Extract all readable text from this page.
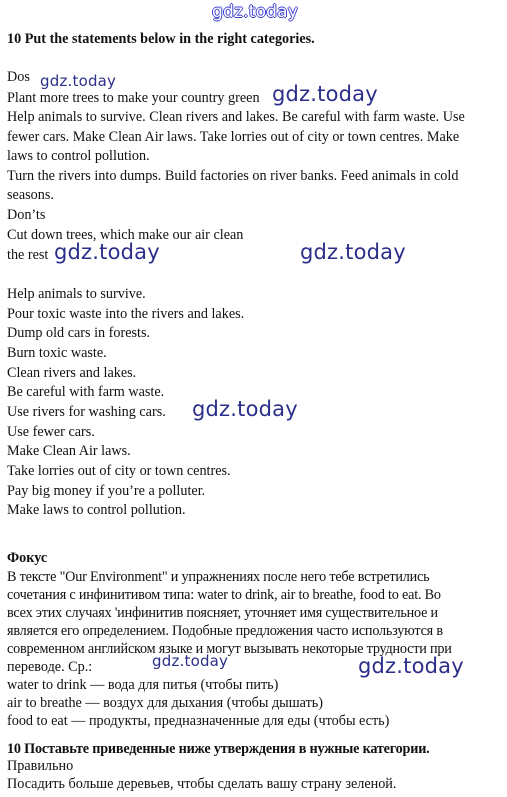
gdz.today
10 Put the statements below in the right categories.
Dos gdz.today
Plant more trees to make your country green gdz.today
Help animals to survive. Clean rivers and lakes. Be careful with farm waste. Use
fewer cars. Make Clean Air laws. Take lorries out of city or town centres. Make
laws to control pollution.
Turn the rivers into dumps. Build factories on river banks. Feed animals in cold
seasons.
Don’ts
Cut down trees, which make our air clean
the rest gdz.today	gdz.today
Help animals to survive.
Pour toxic waste into the rivers and lakes.
Dump old cars in forests.
Burn toxic waste.
Clean rivers and lakes.
Be careful with farm waste.
Use rivers for washing cars. gdz.today
Use fewer cars.
Make Clean Air laws.
Take lorries out of city or town centres.
Pay big money if you’re a polluter.
Make laws to control pollution.
Фокус
В тексте "Our Environment" и упражнениях после него тебе встретились
сочетания с инфинитивом типа: water to drink, air to breathe, food to eat. Во
всех этих случаях 'инфинитив поясняет, уточняет имя существительное и
является его определением. Подобные предложения часто используются в
современном английском языке и могут вызывать некоторые трудности при
переводе. Ср.:	gdz.today	gdz.today
water to drink — вода для питья (чтобы пить)
air to breathe — воздух для дыхания (чтобы дышать)
food to eat — продукты, предназначенные для еды (чтобы есть)
10 Поставьте приведенные ниже утверждения в нужные категории.
Правильно
Посадить больше деревьев, чтобы сделать вашу страну зеленой.
